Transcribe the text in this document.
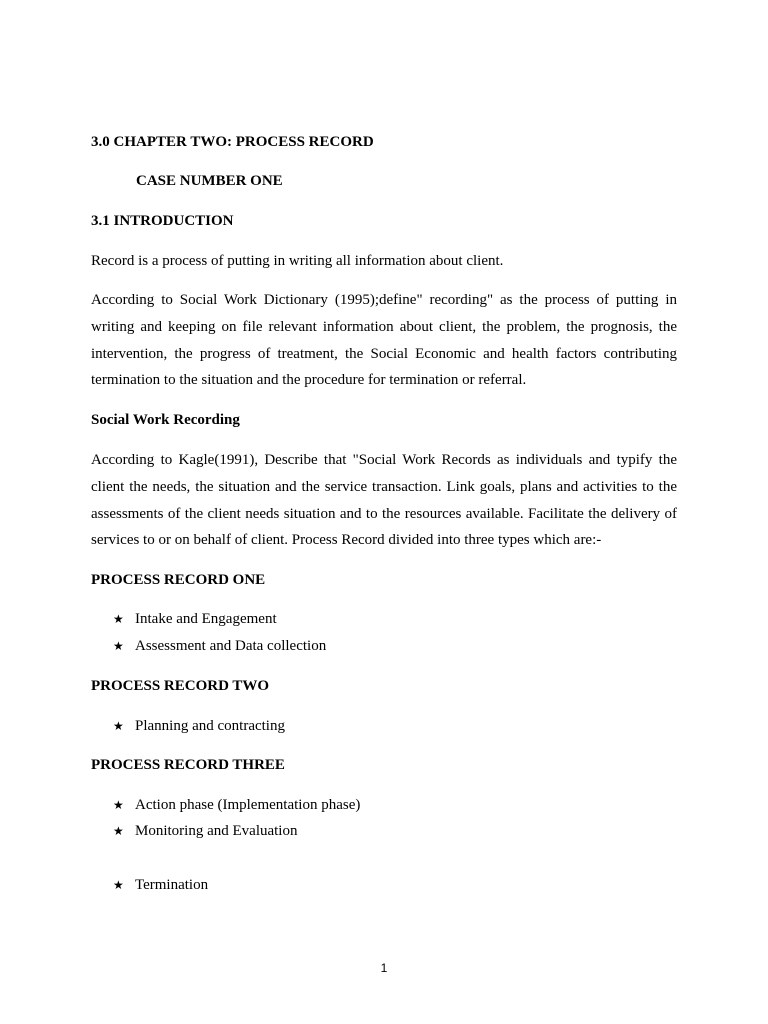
3.0 CHAPTER TWO: PROCESS RECORD
CASE NUMBER ONE
3.1 INTRODUCTION
Record is a process of putting in writing all information about client.
According to Social Work Dictionary (1995);define" recording" as the process of putting in writing and keeping on file relevant information about client, the problem, the prognosis, the intervention, the progress of treatment, the Social Economic and health factors contributing termination to the situation and the procedure for termination or referral.
Social Work Recording
According to Kagle(1991), Describe that "Social Work Records as individuals and typify the client the needs, the situation and the service transaction. Link goals, plans and activities to the assessments of the client needs situation and to the resources available. Facilitate the delivery of services to or on behalf of client. Process Record divided into three types which are:-
PROCESS RECORD ONE
★ Intake and Engagement
★ Assessment and Data collection
PROCESS RECORD TWO
★ Planning and contracting
PROCESS RECORD THREE
★ Action phase (Implementation phase)
★ Monitoring and Evaluation
★ Termination
1
